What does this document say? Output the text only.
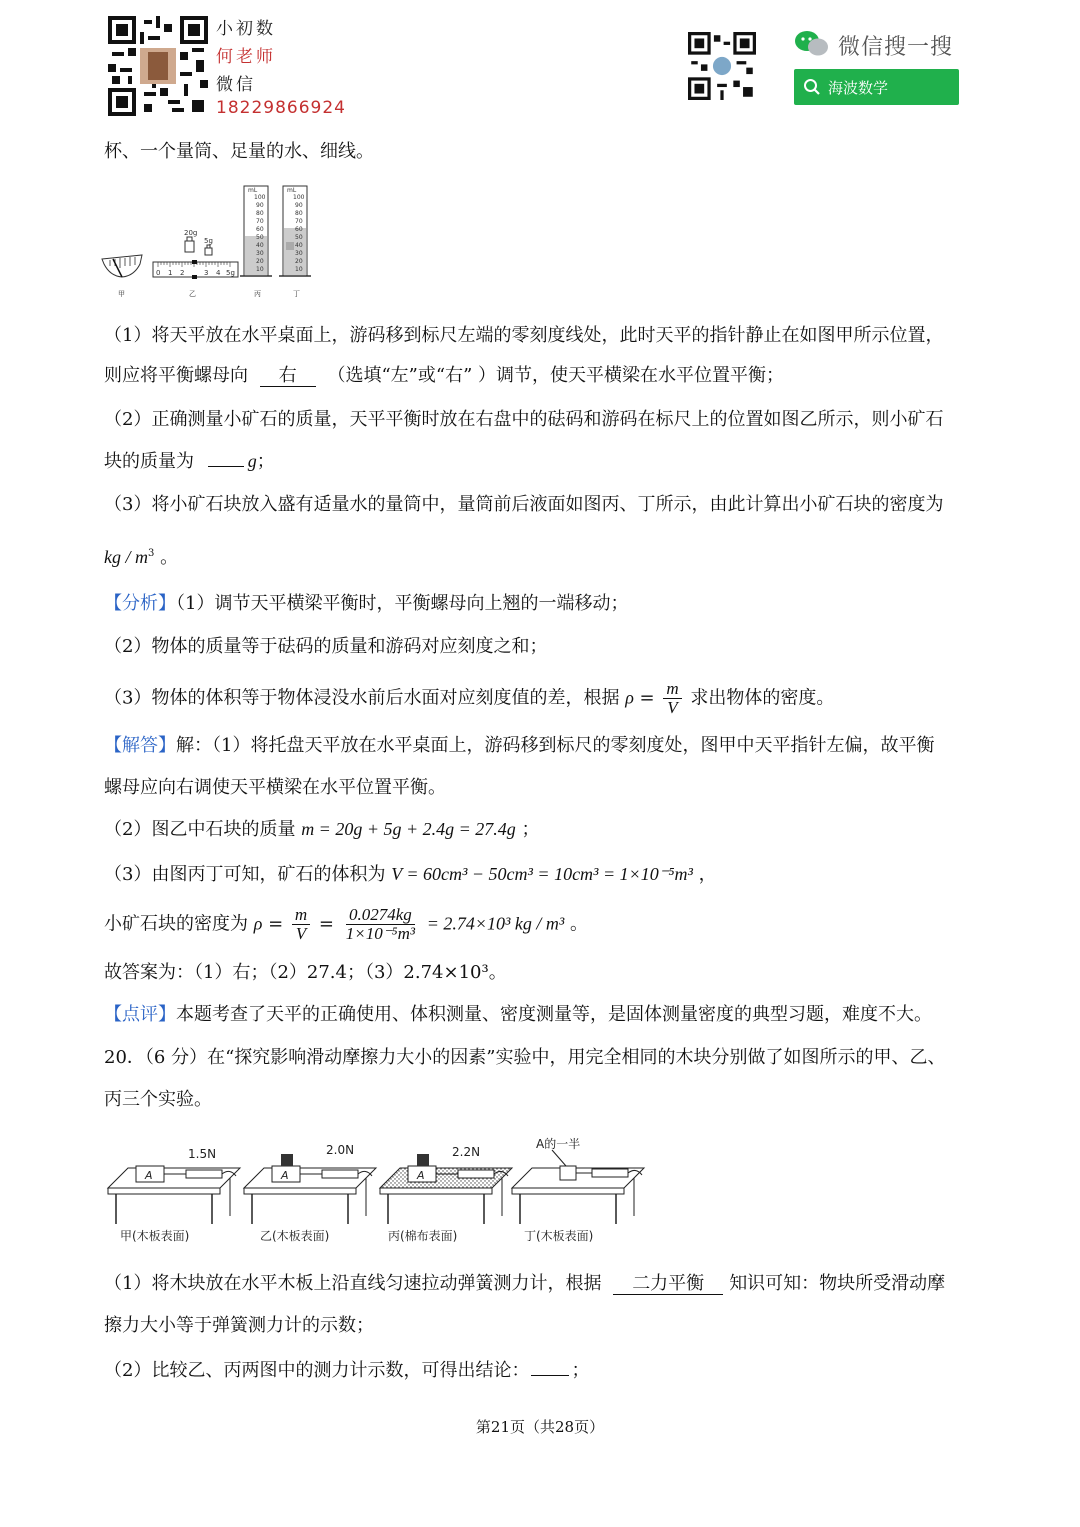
小初数
何老师
微信
18229866924
微信搜一搜
海波数学
杯、一个量筒、足量的水、细线。
mL	mL
100
90
80
70
60
50
40
30
20
10
100
90
80
70
60
50
40
30
20
10
20g
5g
0 1 2	3 4 5g
甲	乙	丙	丁
（1）将天平放在水平桌面上，游码移到标尺左端的零刻度线处，此时天平的指针静止在如图甲所示位置，
则应将平衡螺母向 右 （选填“左”或“右” ）调节，使天平横梁在水平位置平衡；
（2）正确测量小矿石的质量，天平平衡时放在右盘中的砝码和游码在标尺上的位置如图乙所示，则小矿石
块的质量为	g；
（3）将小矿石块放入盛有适量水的量筒中，量筒前后液面如图丙、丁所示，由此计算出小矿石块的密度为
kg / $m^3$ 。
【分析】（1）调节天平横梁平衡时，平衡螺母向上翘的一端移动；
（2）物体的质量等于砝码的质量和游码对应刻度之和；
（3）物体的体积等于物体浸没水前后水面对应刻度值的差，根据 $\rho = \frac{m}{V}$ 求出物体的密度。
【解答】解：（1）将托盘天平放在水平桌面上，游码移到标尺的零刻度处，图甲中天平指针左偏，故平衡
螺母应向右调使天平横梁在水平位置平衡。
（2）图乙中石块的质量 m = 20g + 5g + 2.4g = 27.4g ；
（3）由图丙丁可知，矿石的体积为 V = 60cm³ − 50cm³ = 10cm³ = 1×10⁻⁵m³ ，
小矿石块的密度为 $\rho = \frac{m}{V} = \frac{0.0274kg}{\text{1×10⁻⁵m³}} = 2.74\times 10^3$ kg / m³ 。
故答案为：（1）右；（2）27.4；（3）2.74×10³。
【点评】本题考查了天平的正确使用、体积测量、密度测量等，是固体测量密度的典型习题，难度不大。
20．（6 分）在“探究影响滑动摩擦力大小的因素”实验中，用完全相同的木块分别做了如图所示的甲、乙、
丙三个实验。
1.5N	2.0N	2.2N
A的一半
A	A	A
甲(木板表面)	乙(木板表面)	丙(棉布表面)	丁(木板表面)
（1）将木块放在水平木板上沿直线匀速拉动弹簧测力计，根据 二力平衡 知识可知：物块所受滑动摩
擦力大小等于弹簧测力计的示数；
（2）比较乙、丙两图中的测力计示数，可得出结论： ；
第21页（共28页）
